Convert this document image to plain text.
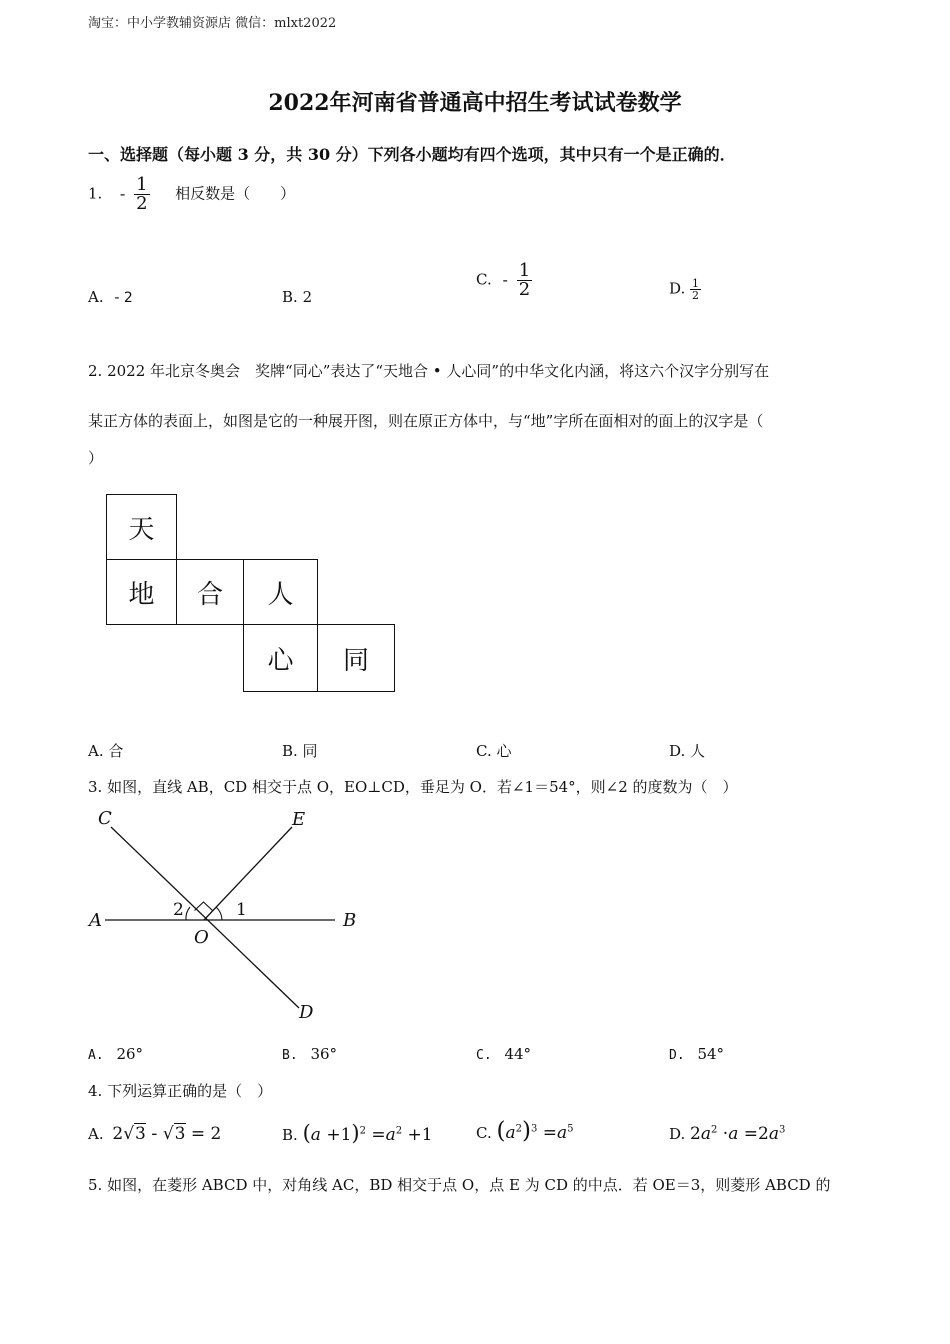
淘宝：中小学教辅资源店 微信：mlxt2022
2022年河南省普通高中招生考试试卷数学
一、选择题（每小题 3 分，共 30 分）下列各小题均有四个选项，其中只有一个是正确的．
1. - $\frac{1}{2}$ 相反数是（　　）
A. - 2	B. 2
C. - $\frac{1}{2}$	D. $\frac{1}{2}$
2. 2022 年北京冬奥会　奖牌“同心”表达了“天地合 • 人心同”的中华文化内涵，将这六个汉字分别写在
某正方体的表面上，如图是它的一种展开图，则在原正方体中，与“地”字所在面相对的面上的汉字是（
）
天
地	合	人
心	同
A. 合	B. 同	C. 心	D. 人
3. 如图，直线 AB，CD 相交于点 O，EO⊥CD，垂足为 O．若∠1＝54°，则∠2 的度数为（　）
C	E
A	B
O
D
1
2
A. 26°	B. 36°	C. 44°	D. 54°
4. 下列运算正确的是（　）
A. 2√3 - √3 = 2	B. $(a +1)^2 =a^2 +1$	C. $(a^2)^3 =a^5$	D. $2a^2 \cdot a =2a^3$
5. 如图，在菱形 ABCD 中，对角线 AC，BD 相交于点 O，点 E 为 CD 的中点．若 OE＝3，则菱形 ABCD 的
